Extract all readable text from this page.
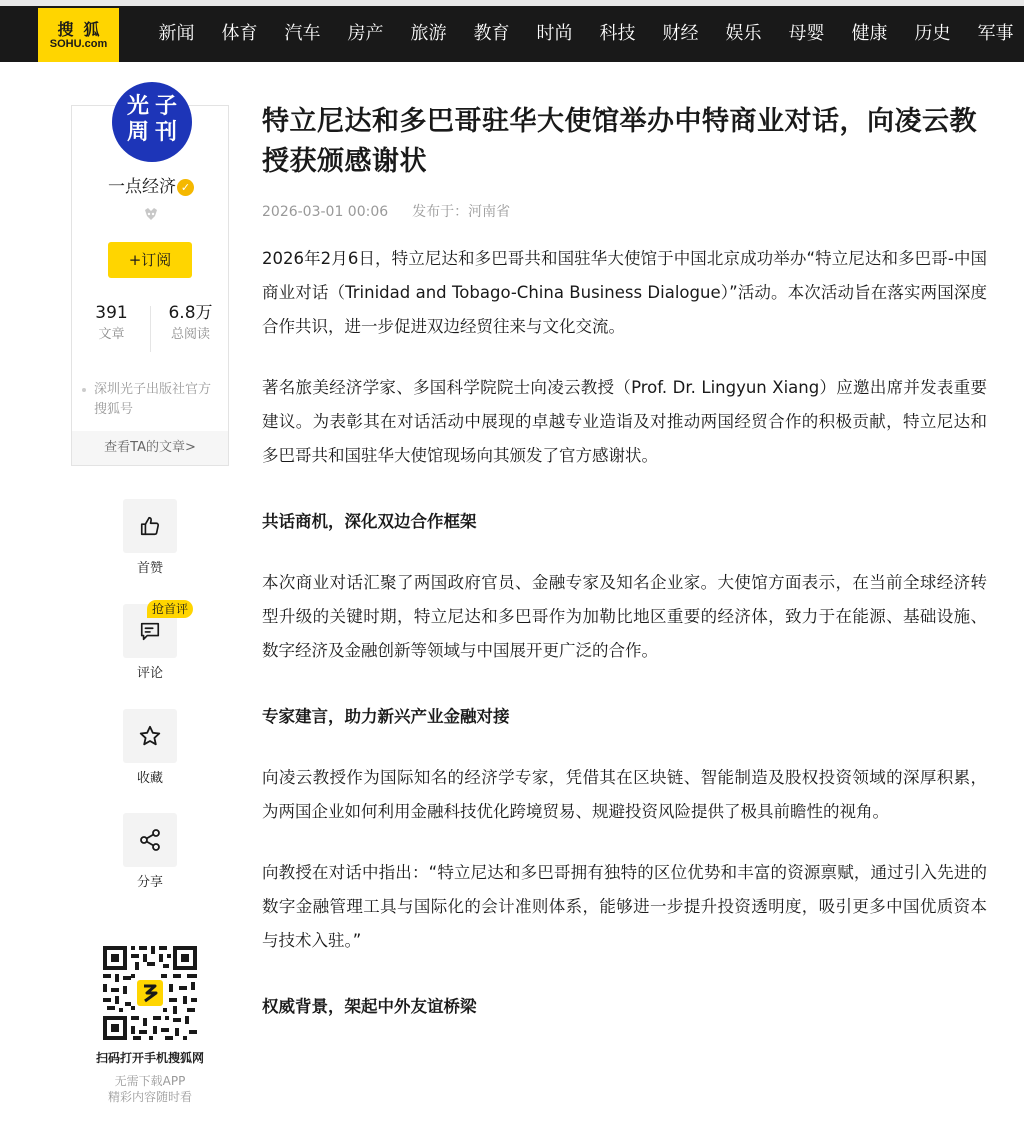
搜狐
SOHU.com	新闻	体育	汽车	房产	旅游	教育	时尚	科技	财经	娱乐	母婴	健康	历史	军事
光子
周刊
一点经济 ✓
+订阅
391
文章
6.8万
总阅读
深圳光子出版社官方搜狐号
查看TA的文章>
首赞
抢首评
评论
收藏
分享
扫码打开手机搜狐网
无需下载APP
精彩内容随时看
特立尼达和多巴哥驻华大使馆举办中特商业对话，向凌云教授获颁感谢状
2026-03-01 00:06 发布于：河南省

2026年2月6日，特立尼达和多巴哥共和国驻华大使馆于中国北京成功举办“特立尼达和多巴哥-中国商业对话（Trinidad and Tobago-China Business Dialogue）”活动。本次活动旨在落实两国深度合作共识，进一步促进双边经贸往来与文化交流。

著名旅美经济学家、多国科学院院士向凌云教授（Prof. Dr. Lingyun Xiang）应邀出席并发表重要建议。为表彰其在对话活动中展现的卓越专业造诣及对推动两国经贸合作的积极贡献，特立尼达和多巴哥共和国驻华大使馆现场向其颁发了官方感谢状。

共话商机，深化双边合作框架

本次商业对话汇聚了两国政府官员、金融专家及知名企业家。大使馆方面表示，在当前全球经济转型升级的关键时期，特立尼达和多巴哥作为加勒比地区重要的经济体，致力于在能源、基础设施、数字经济及金融创新等领域与中国展开更广泛的合作。

专家建言，助力新兴产业金融对接

向凌云教授作为国际知名的经济学专家，凭借其在区块链、智能制造及股权投资领域的深厚积累，为两国企业如何利用金融科技优化跨境贸易、规避投资风险提供了极具前瞻性的视角。

向教授在对话中指出：“特立尼达和多巴哥拥有独特的区位优势和丰富的资源禀赋，通过引入先进的数字金融管理工具与国际化的会计准则体系，能够进一步提升投资透明度，吸引更多中国优质资本与技术入驻。”

权威背景，架起中外友谊桥梁
